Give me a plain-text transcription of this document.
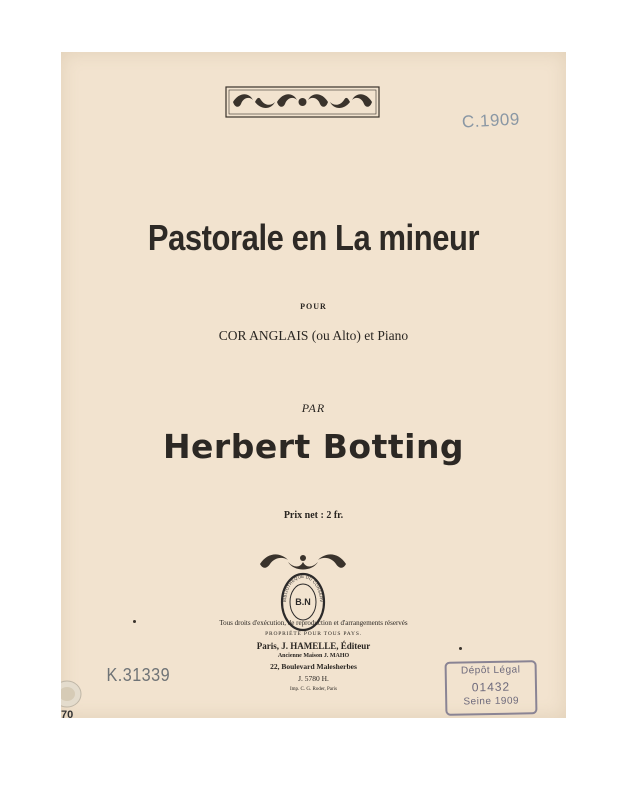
C.1909
Pastorale en La mineur
POUR
COR ANGLAIS (ou Alto) et Piano
PAR
Herbert Botting
Prix net : 2 fr.
B.N
BIBLIOTHÈQUE DU CONSERV
Tous droits d'exécution, de reproduction et d'arrangements réservés
PROPRIÉTÉ POUR TOUS PAYS.
Paris, J. HAMELLE, Éditeur
Ancienne Maison J. MAHO
22, Boulevard Malesherbes
J. 5780 H.
Imp. C. G. Roder, Paris
K.31339	Dépôt Légal
01432
Seine 1909
70
